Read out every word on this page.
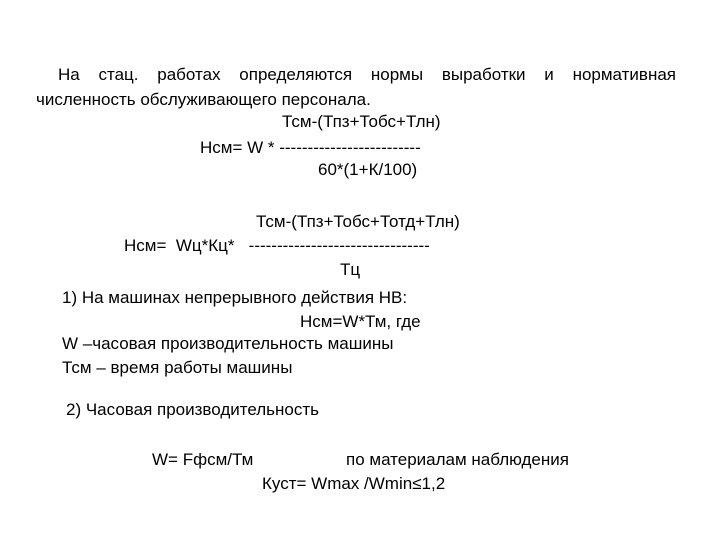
На стац. работах определяются нормы выработки и нормативная численность обслуживающего персонала.

Тсм-(Тпз+Тобс+Тлн)
Нсм= W * -------------------------
60*(1+К/100)
Тсм-(Тпз+Тобс+Тотд+Тлн)
Нсм=  Wц*Кц*   --------------------------------
Тц
1) На машинах непрерывного действия НВ:
Нсм=W*Тм, где
W –часовая производительность машины
Тсм – время работы машины
2) Часовая производительность
W= Fфсм/Тм	по материалам наблюдения
Куст= Wmax /Wmin≤1,2
